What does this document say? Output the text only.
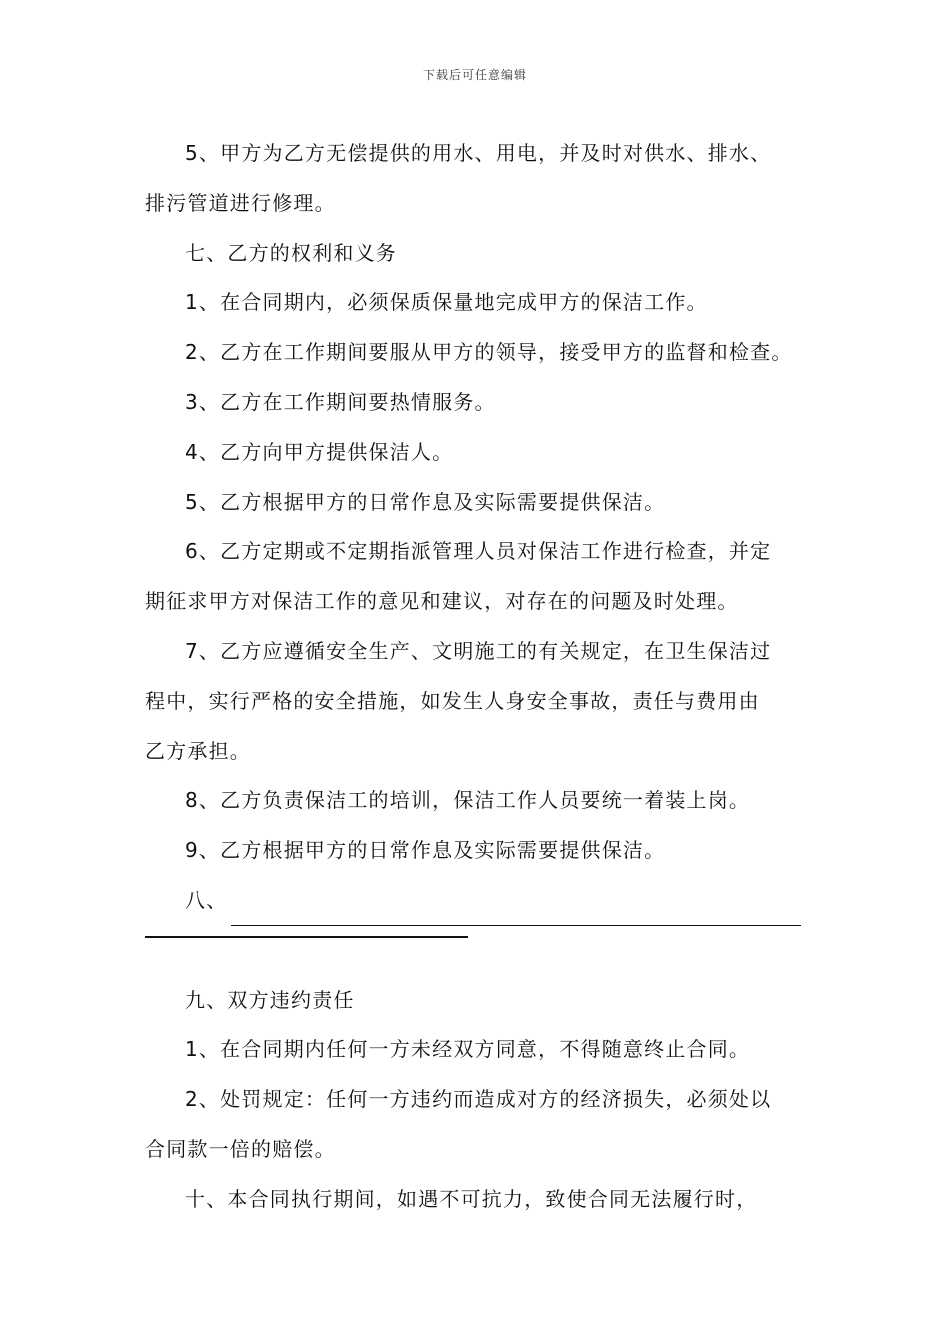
下载后可任意编辑

5、甲方为乙方无偿提供的用水、用电，并及时对供水、排水、

排污管道进行修理。

七、乙方的权利和义务

1、在合同期内，必须保质保量地完成甲方的保洁工作。

2、乙方在工作期间要服从甲方的领导，接受甲方的监督和检查。

3、乙方在工作期间要热情服务。

4、乙方向甲方提供保洁人。

5、乙方根据甲方的日常作息及实际需要提供保洁。

6、乙方定期或不定期指派管理人员对保洁工作进行检查，并定

期征求甲方对保洁工作的意见和建议，对存在的问题及时处理。

7、乙方应遵循安全生产、文明施工的有关规定，在卫生保洁过

程中，实行严格的安全措施，如发生人身安全事故，责任与费用由

乙方承担。

8、乙方负责保洁工的培训，保洁工作人员要统一着装上岗。

9、乙方根据甲方的日常作息及实际需要提供保洁。

八、

九、双方违约责任

1、在合同期内任何一方未经双方同意，不得随意终止合同。

2、处罚规定：任何一方违约而造成对方的经济损失，必须处以

合同款一倍的赔偿。

十、本合同执行期间，如遇不可抗力，致使合同无法履行时，
